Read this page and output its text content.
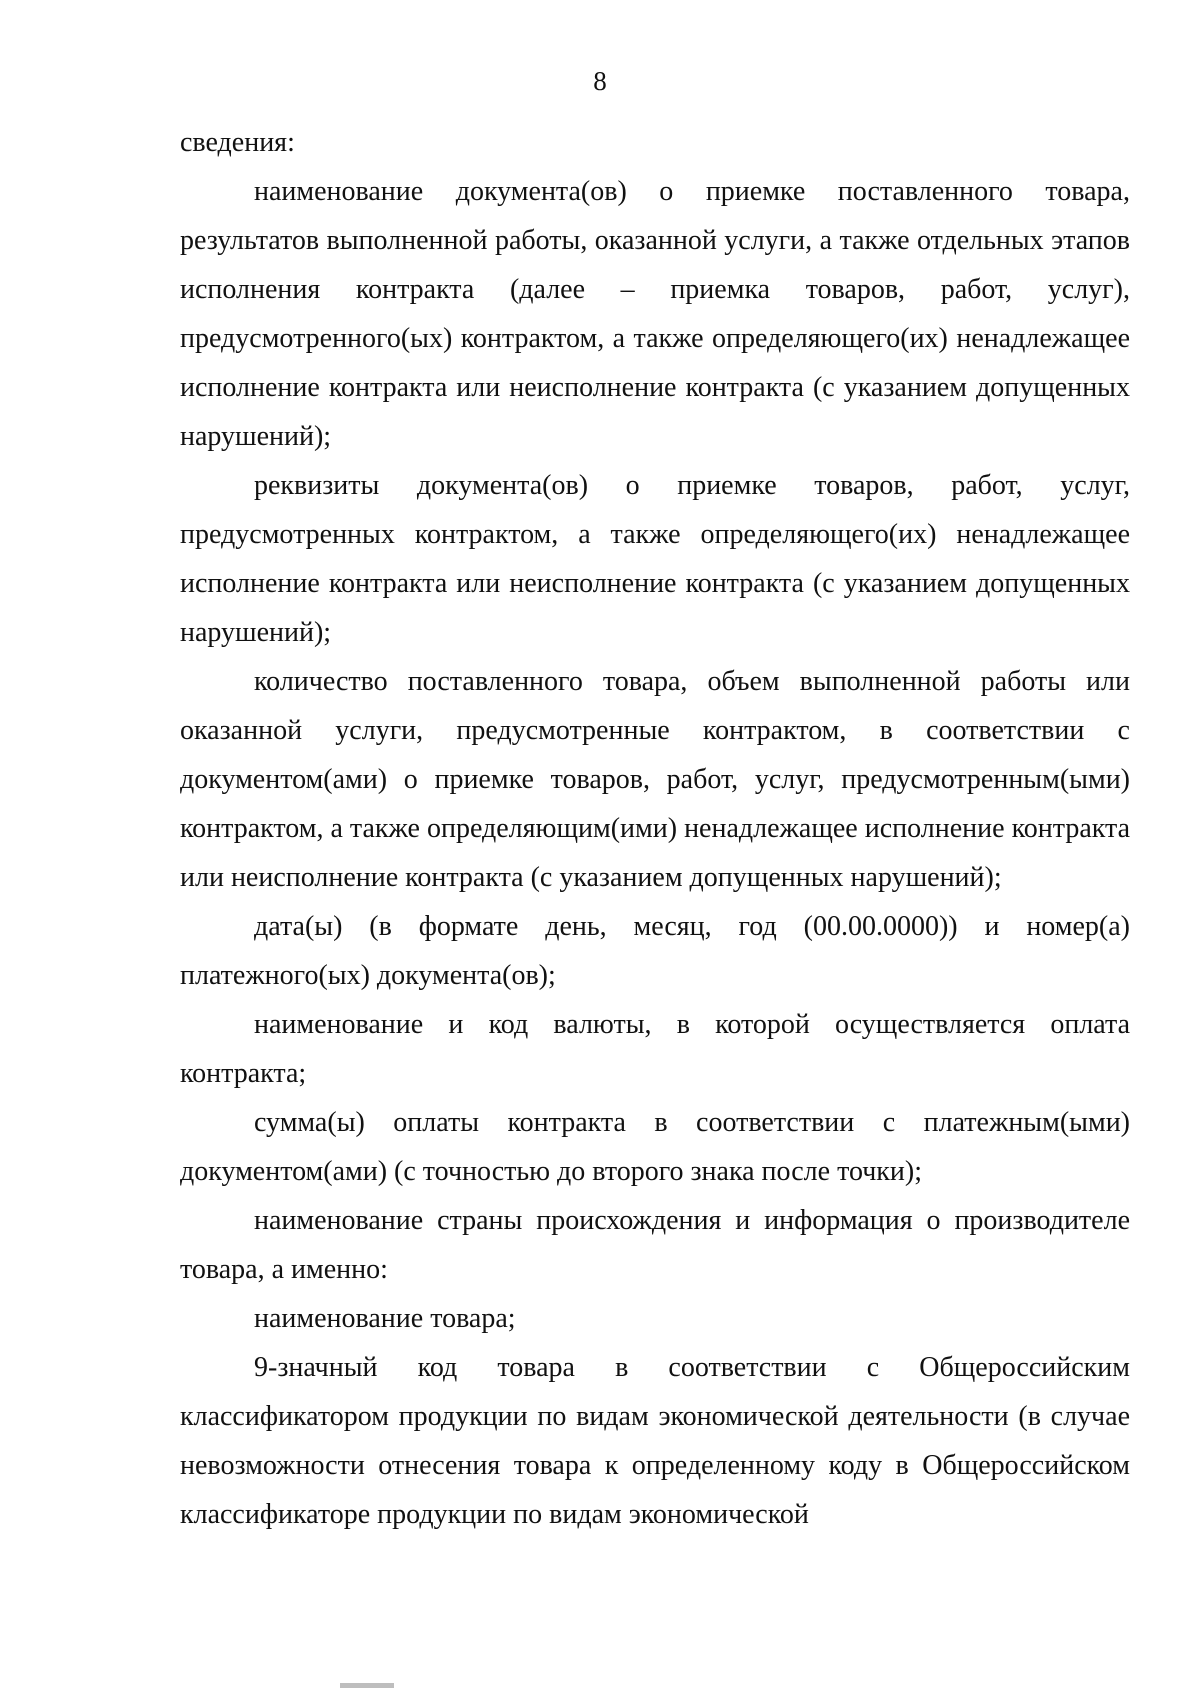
8

сведения:

наименование документа(ов) о приемке поставленного товара, результатов выполненной работы, оказанной услуги, а также отдельных этапов исполнения контракта (далее – приемка товаров, работ, услуг), предусмотренного(ых) контрактом, а также определяющего(их) ненадлежащее исполнение контракта или неисполнение контракта (с указанием допущенных нарушений);

реквизиты документа(ов) о приемке товаров, работ, услуг, предусмотренных контрактом, а также определяющего(их) ненадлежащее исполнение контракта или неисполнение контракта (с указанием допущенных нарушений);

количество поставленного товара, объем выполненной работы или оказанной услуги, предусмотренные контрактом, в соответствии с документом(ами) о приемке товаров, работ, услуг, предусмотренным(ыми) контрактом, а также определяющим(ими) ненадлежащее исполнение контракта или неисполнение контракта (с указанием допущенных нарушений);

дата(ы) (в формате день, месяц, год (00.00.0000)) и номер(а) платежного(ых) документа(ов);

наименование и код валюты, в которой осуществляется оплата контракта;

сумма(ы) оплаты контракта в соответствии с платежным(ыми) документом(ами) (с точностью до второго знака после точки);

наименование страны происхождения и информация о производителе товара, а именно:

наименование товара;

9-значный код товара в соответствии с Общероссийским классификатором продукции по видам экономической деятельности (в случае невозможности отнесения товара к определенному коду в Общероссийском классификаторе продукции по видам экономической
